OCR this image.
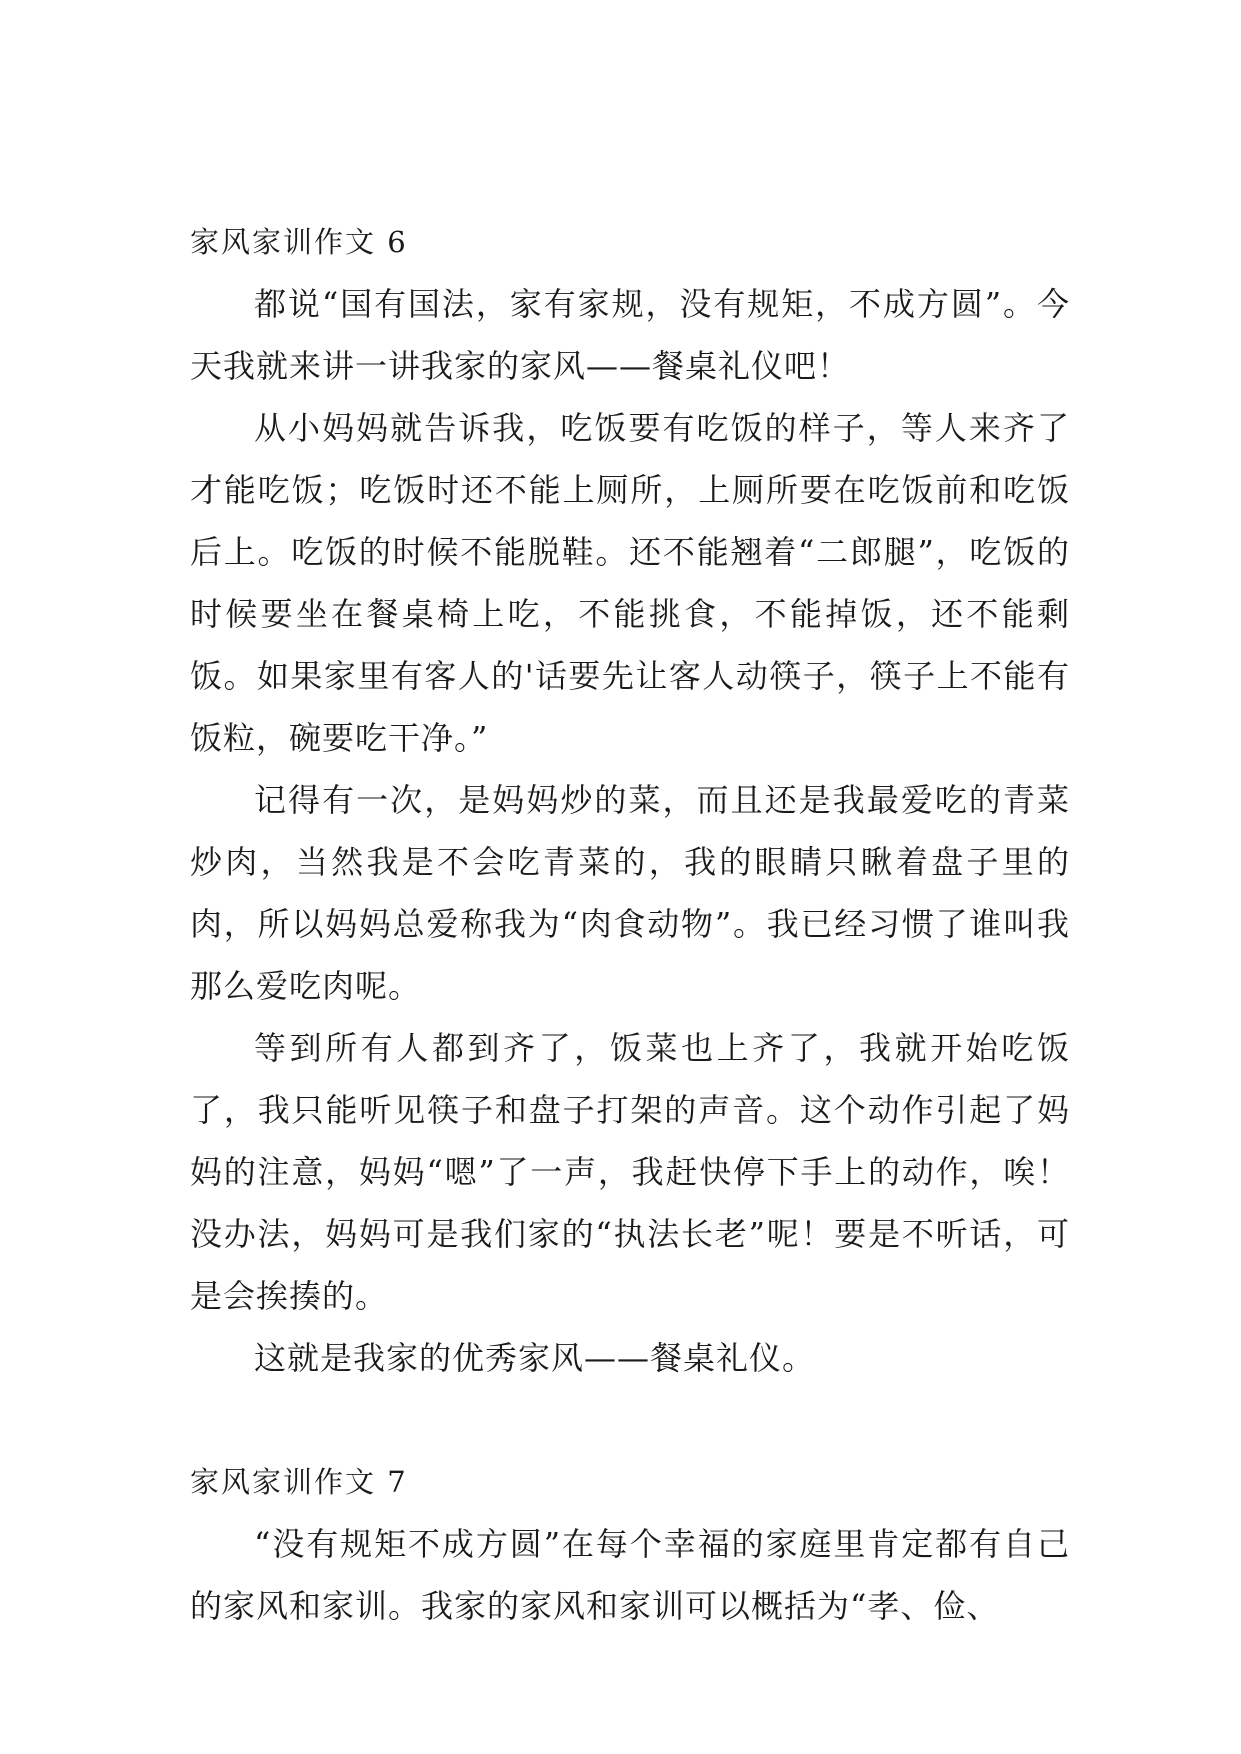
家风家训作文 6

都说“国有国法，家有家规，没有规矩，不成方圆”。今天我就来讲一讲我家的家风——餐桌礼仪吧！

从小妈妈就告诉我，吃饭要有吃饭的样子，等人来齐了才能吃饭；吃饭时还不能上厕所，上厕所要在吃饭前和吃饭后上。吃饭的时候不能脱鞋。还不能翘着“二郎腿”，吃饭的时候要坐在餐桌椅上吃，不能挑食，不能掉饭，还不能剩饭。如果家里有客人的'话要先让客人动筷子，筷子上不能有饭粒，碗要吃干净。”

记得有一次，是妈妈炒的菜，而且还是我最爱吃的青菜炒肉，当然我是不会吃青菜的，我的眼睛只瞅着盘子里的肉，所以妈妈总爱称我为“肉食动物”。我已经习惯了谁叫我那么爱吃肉呢。

等到所有人都到齐了，饭菜也上齐了，我就开始吃饭了，我只能听见筷子和盘子打架的声音。这个动作引起了妈妈的注意，妈妈“嗯”了一声，我赶快停下手上的动作，唉！没办法，妈妈可是我们家的“执法长老”呢！要是不听话，可是会挨揍的。

这就是我家的优秀家风——餐桌礼仪。

家风家训作文 7

“没有规矩不成方圆”在每个幸福的家庭里肯定都有自己的家风和家训。我家的家风和家训可以概括为“孝、俭、
